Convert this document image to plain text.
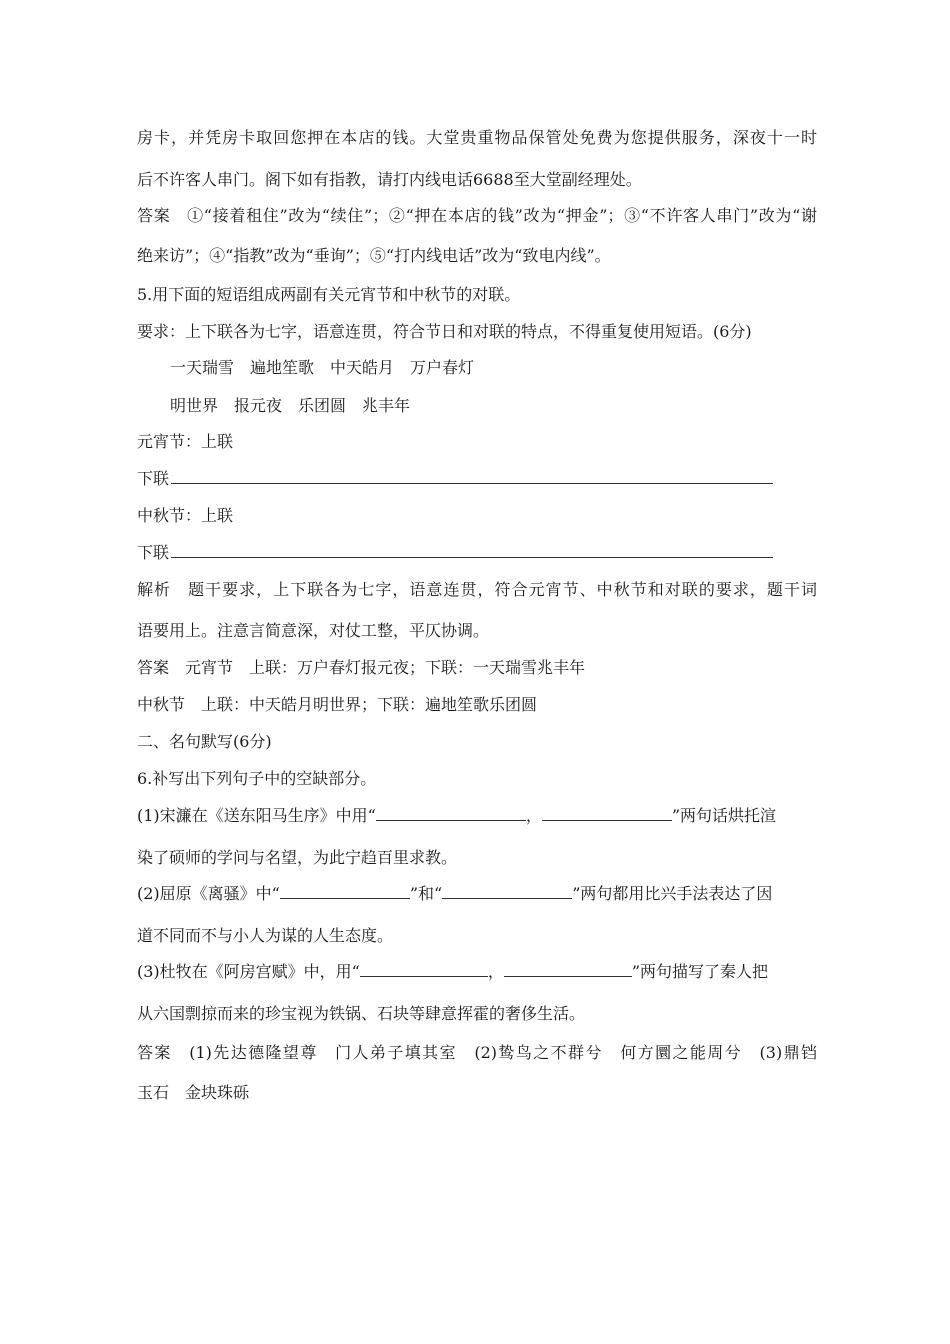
房卡，并凭房卡取回您押在本店的钱。大堂贵重物品保管处免费为您提供服务，深夜十一时
后不许客人串门。阁下如有指教，请打内线电话6688至大堂副经理处。
答案　①“接着租住”改为“续住”；②“押在本店的钱”改为“押金”；③“不许客人串门”改为“谢
绝来访”；④“指教”改为“垂询”；⑤“打内线电话”改为“致电内线”。
5.用下面的短语组成两副有关元宵节和中秋节的对联。
要求：上下联各为七字，语意连贯，符合节日和对联的特点，不得重复使用短语。(6分)
一天瑞雪　遍地笙歌　中天皓月　万户春灯
明世界　报元夜　乐团圆　兆丰年
元宵节：上联
下联
中秋节：上联
下联
解析　题干要求，上下联各为七字，语意连贯，符合元宵节、中秋节和对联的要求，题干词
语要用上。注意言简意深，对仗工整，平仄协调。
答案　元宵节　上联：万户春灯报元夜；下联：一天瑞雪兆丰年
中秋节　上联：中天皓月明世界；下联：遍地笙歌乐团圆
二、名句默写(6分)
6.补写出下列句子中的空缺部分。
(1)宋濂在《送东阳马生序》中用“	，	”两句话烘托渲
染了硕师的学问与名望，为此宁趋百里求教。
(2)屈原《离骚》中“	”和“	”两句都用比兴手法表达了因
道不同而不与小人为谋的人生态度。
(3)杜牧在《阿房宫赋》中，用“	，	”两句描写了秦人把
从六国剽掠而来的珍宝视为铁锅、石块等肆意挥霍的奢侈生活。
答案　(1)先达德隆望尊　门人弟子填其室　(2)鸷鸟之不群兮　何方圜之能周兮　(3)鼎铛
玉石　金块珠砾
